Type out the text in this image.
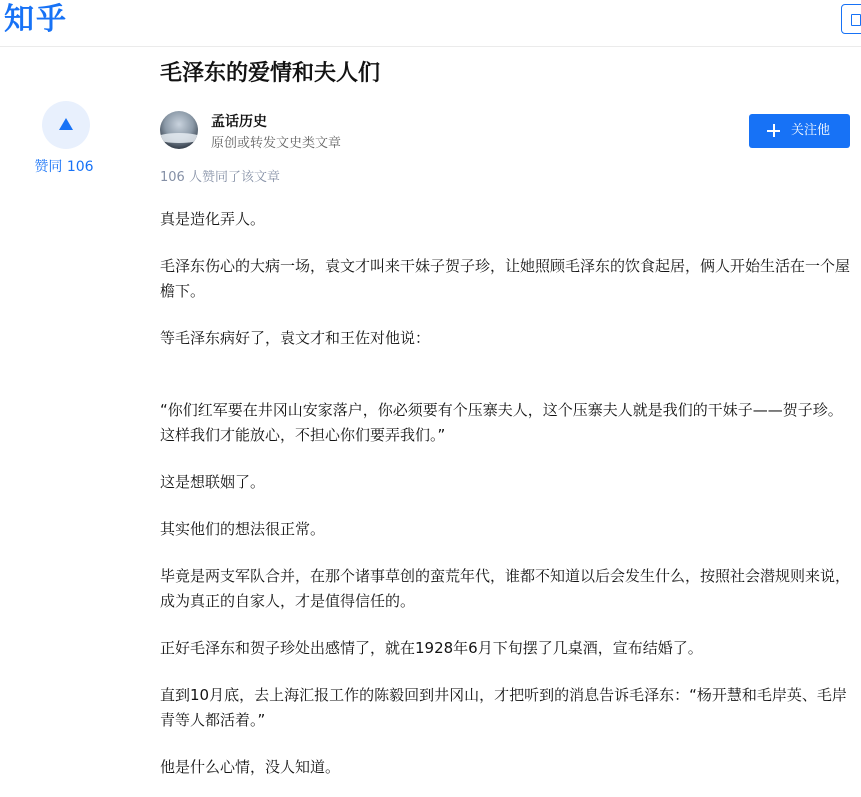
知乎
赞同 106
毛泽东的爱情和夫人们
孟话历史
原创或转发文史类文章
关注他
106 人赞同了该文章

真是造化弄人。

毛泽东伤心的大病一场，袁文才叫来干妹子贺子珍，让她照顾毛泽东的饮食起居，俩人开始生活在一个屋檐下。

等毛泽东病好了，袁文才和王佐对他说：

“你们红军要在井冈山安家落户，你必须要有个压寨夫人，这个压寨夫人就是我们的干妹子——贺子珍。这样我们才能放心，不担心你们要弄我们。”

这是想联姻了。

其实他们的想法很正常。

毕竟是两支军队合并，在那个诸事草创的蛮荒年代，谁都不知道以后会发生什么，按照社会潜规则来说，成为真正的自家人，才是值得信任的。

正好毛泽东和贺子珍处出感情了，就在1928年6月下旬摆了几桌酒，宣布结婚了。

直到10月底，去上海汇报工作的陈毅回到井冈山，才把听到的消息告诉毛泽东：“杨开慧和毛岸英、毛岸青等人都活着。”

他是什么心情，没人知道。
